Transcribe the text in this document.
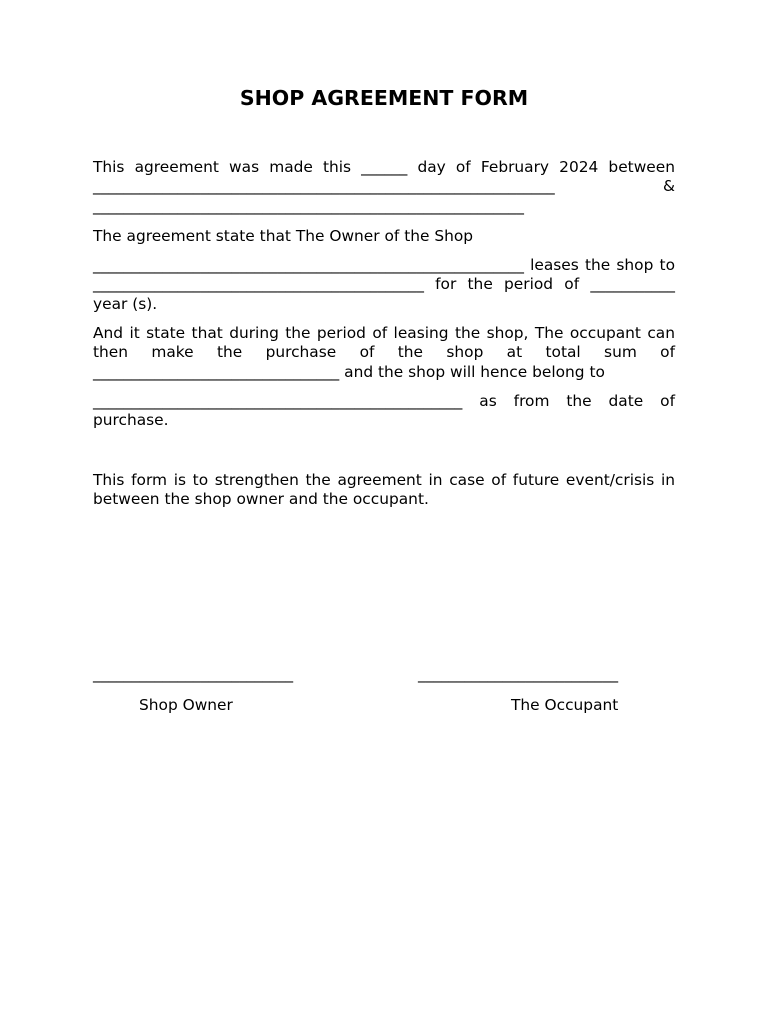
SHOP AGREEMENT FORM
This agreement was made this ______ day of February 2024 between
____________________________________________________________ &
________________________________________________________
The agreement state that The Owner of the Shop
________________________________________________________ leases the shop to
___________________________________________ for the period of ___________
year (s).
And it state that during the period of leasing the shop, The occupant can
then make the purchase of the shop at total sum of
________________________________ and the shop will hence belong to
________________________________________________ as from the date of
purchase.
This form is to strengthen the agreement in case of future event/crisis in
between the shop owner and the occupant.
__________________________
Shop Owner
__________________________
The Occupant
